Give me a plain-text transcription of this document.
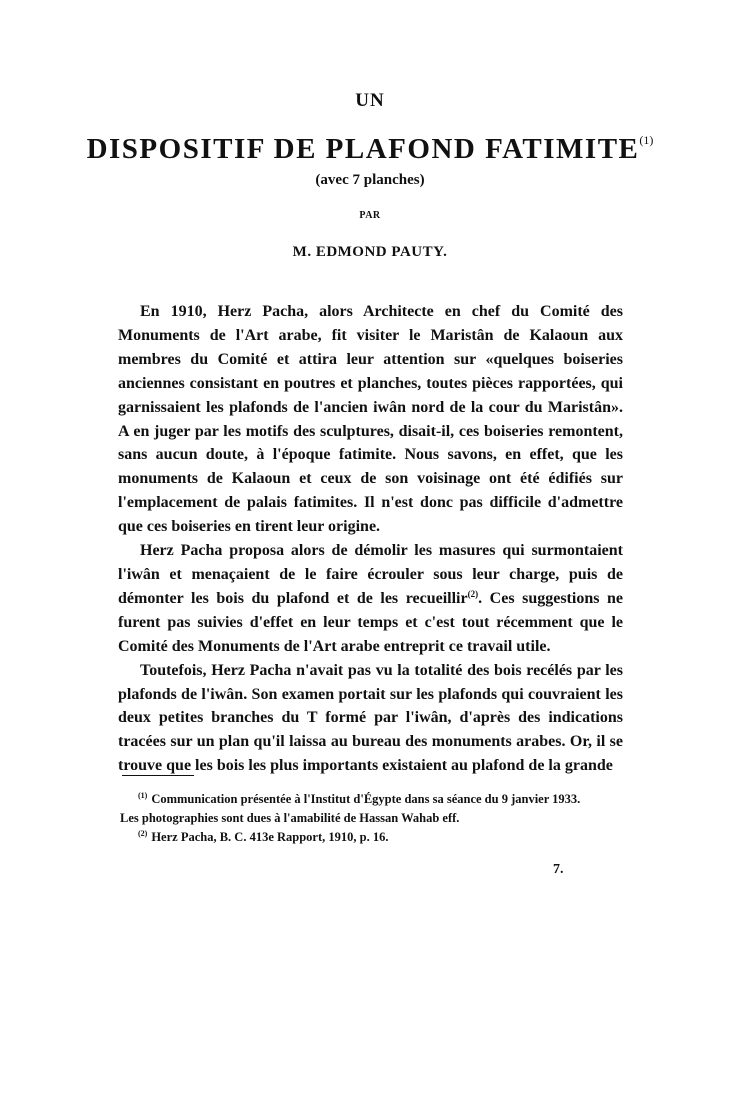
UN
DISPOSITIF DE PLAFOND FATIMITE$^{(1)}$
(avec 7 planches)
PAR
M. EDMOND PAUTY.

En 1910, Herz Pacha, alors Architecte en chef du Comité des Monuments de l'Art arabe, fit visiter le Maristân de Kalaoun aux membres du Comité et attira leur attention sur «quelques boiseries anciennes consistant en poutres et planches, toutes pièces rapportées, qui garnissaient les plafonds de l'ancien iwân nord de la cour du Maristân». A en juger par les motifs des sculptures, disait-il, ces boiseries remontent, sans aucun doute, à l'époque fatimite. Nous savons, en effet, que les monuments de Kalaoun et ceux de son voisinage ont été édifiés sur l'emplacement de palais fatimites. Il n'est donc pas difficile d'admettre que ces boiseries en tirent leur origine.

Herz Pacha proposa alors de démolir les masures qui surmontaient l'iwân et menaçaient de le faire écrouler sous leur charge, puis de démonter les bois du plafond et de les recueillir$^{(2)}$. Ces suggestions ne furent pas suivies d'effet en leur temps et c'est tout récemment que le Comité des Monuments de l'Art arabe entreprit ce travail utile.

Toutefois, Herz Pacha n'avait pas vu la totalité des bois recélés par les plafonds de l'iwân. Son examen portait sur les plafonds qui couvraient les deux petites branches du T formé par l'iwân, d'après des indications tracées sur un plan qu'il laissa au bureau des monuments arabes. Or, il se trouve que les bois les plus importants existaient au plafond de la grande

$^{(1)}$ Communication présentée à l'Institut d'Égypte dans sa séance du 9 janvier 1933.

Les photographies sont dues à l'amabilité de Hassan Wahab eff.

$^{(2)}$ Herz Pacha, B. C. 413e Rapport, 1910, p. 16.

7.
